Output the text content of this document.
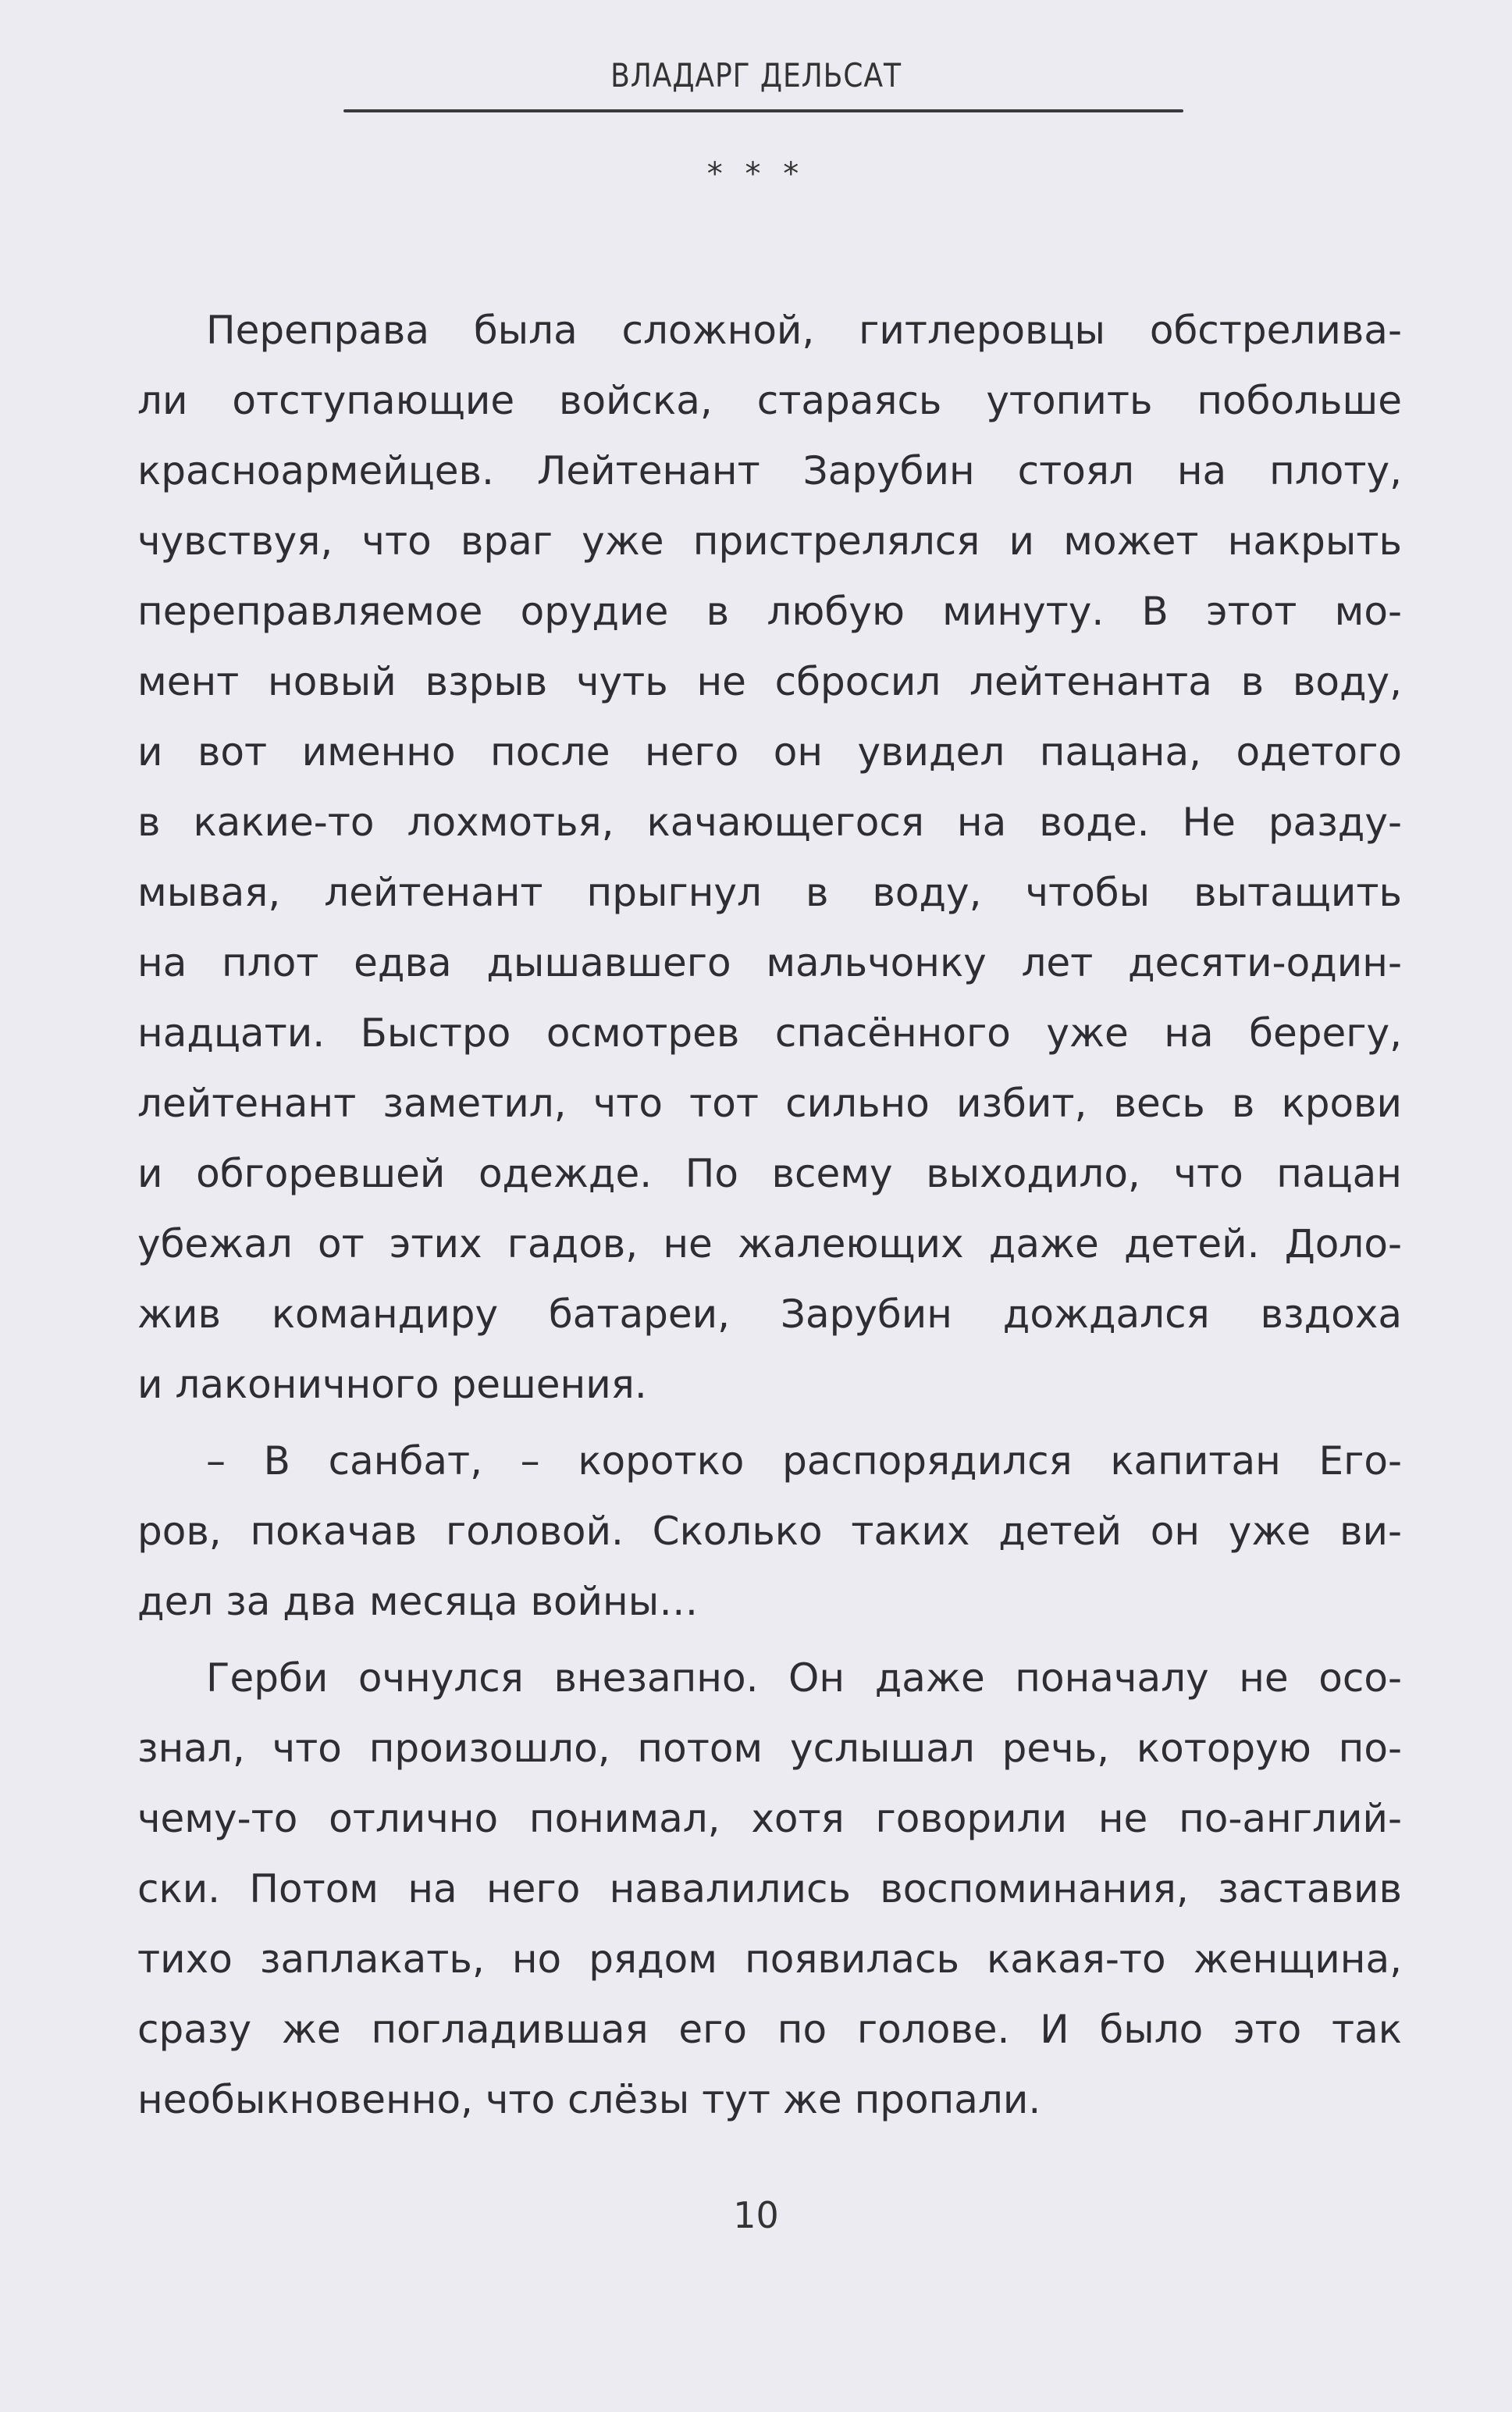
ВЛАДАРГ ДЕЛЬСАТ
* * *
Переправа была сложной, гитлеровцы обстрелива-
ли отступающие войска, стараясь утопить побольше
красноармейцев. Лейтенант Зарубин стоял на плоту,
чувствуя, что враг уже пристрелялся и может накрыть
переправляемое орудие в любую минуту. В этот мо-
мент новый взрыв чуть не сбросил лейтенанта в воду,
и вот именно после него он увидел пацана, одетого
в какие-то лохмотья, качающегося на воде. Не разду-
мывая, лейтенант прыгнул в воду, чтобы вытащить
на плот едва дышавшего мальчонку лет десяти-один-
надцати. Быстро осмотрев спасённого уже на берегу,
лейтенант заметил, что тот сильно избит, весь в крови
и обгоревшей одежде. По всему выходило, что пацан
убежал от этих гадов, не жалеющих даже детей. Доло-
жив командиру батареи, Зарубин дождался вздоха
и лаконичного решения.
– В санбат, – коротко распорядился капитан Его-
ров, покачав головой. Сколько таких детей он уже ви-
дел за два месяца войны…
Герби очнулся внезапно. Он даже поначалу не осо-
знал, что произошло, потом услышал речь, которую по-
чему-то отлично понимал, хотя говорили не по-англий-
ски. Потом на него навалились воспоминания, заставив
тихо заплакать, но рядом появилась какая-то женщина,
сразу же погладившая его по голове. И было это так
необыкновенно, что слёзы тут же пропали.
10
